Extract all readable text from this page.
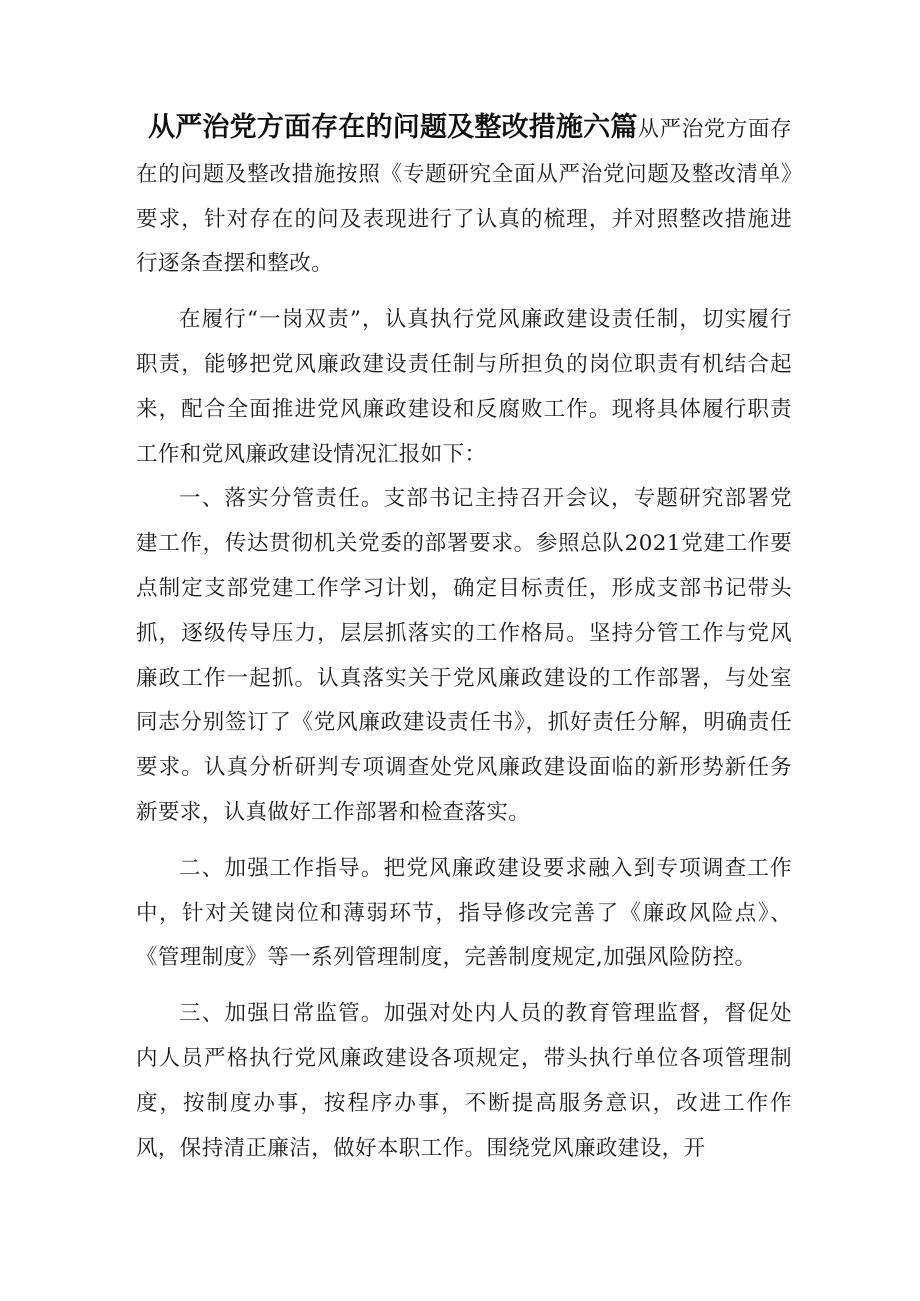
从严治党方面存在的问题及整改措施六篇从严治党方面存在的问题及整改措施按照《专题研究全面从严治党问题及整改清单》要求，针对存在的问及表现进行了认真的梳理，并对照整改措施进行逐条查摆和整改。

在履行“一岗双责”，认真执行党风廉政建设责任制，切实履行职责，能够把党风廉政建设责任制与所担负的岗位职责有机结合起来，配合全面推进党风廉政建设和反腐败工作。现将具体履行职责工作和党风廉政建设情况汇报如下：

一、落实分管责任。支部书记主持召开会议，专题研究部署党建工作，传达贯彻机关党委的部署要求。参照总队2021党建工作要点制定支部党建工作学习计划，确定目标责任，形成支部书记带头抓，逐级传导压力，层层抓落实的工作格局。坚持分管工作与党风廉政工作一起抓。认真落实关于党风廉政建设的工作部署，与处室同志分别签订了《党风廉政建设责任书》，抓好责任分解，明确责任要求。认真分析研判专项调查处党风廉政建设面临的新形势新任务新要求，认真做好工作部署和检查落实。

二、加强工作指导。把党风廉政建设要求融入到专项调查工作中，针对关键岗位和薄弱环节，指导修改完善了《廉政风险点》、《管理制度》等一系列管理制度，完善制度规定,加强风险防控。

三、加强日常监管。加强对处内人员的教育管理监督，督促处内人员严格执行党风廉政建设各项规定，带头执行单位各项管理制度，按制度办事，按程序办事，不断提高服务意识，改进工作作风，保持清正廉洁，做好本职工作。围绕党风廉政建设，开
